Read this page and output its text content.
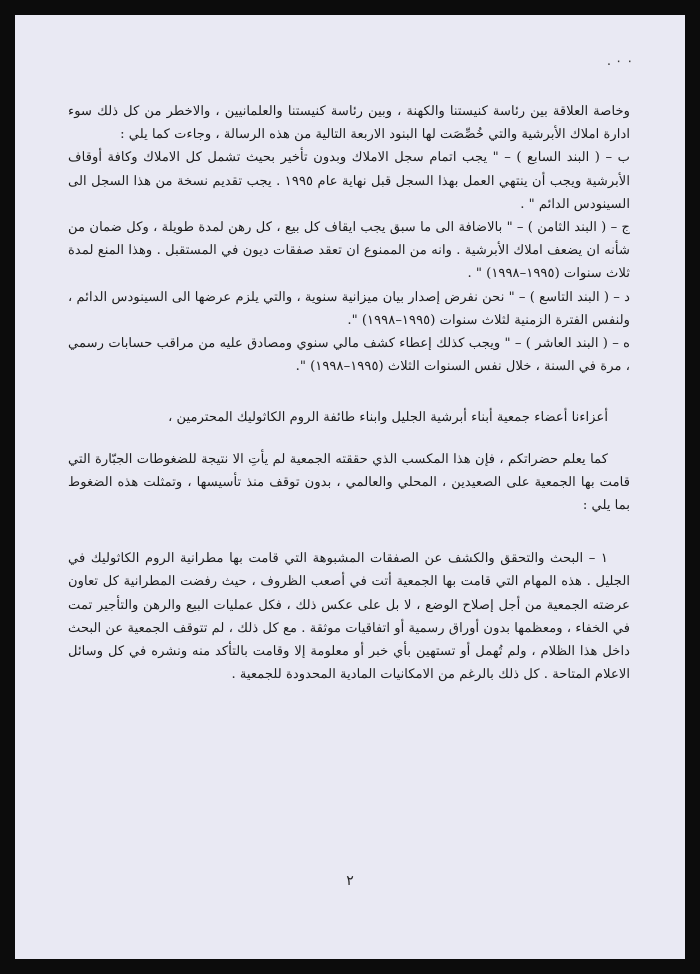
. ٠ ٠

وخاصة العلاقة بين رئاسة كنيستنا والكهنة ، وبين رئاسة كنيستنا والعلمانيين ، والاخطر من كل ذلك سوء ادارة املاك الأبرشية والتي خُصِّصَت لها البنود الاربعة التالية من هذه الرسالة ، وجاءت كما يلي :

ب – ( البند السابع ) – " يجب اتمام سجل الاملاك وبدون تأخير بحيث تشمل كل الاملاك وكافة أوقاف الأبرشية ويجب أن ينتهي العمل بهذا السجل قبل نهاية عام ١٩٩٥ . يجب تقديم نسخة من هذا السجل الى السينودس الدائم " .

ج – ( البند الثامن ) – " بالاضافة الى ما سبق يجب ايقاف كل بيع ، كل رهن لمدة طويلة ، وكل ضمان من شأنه ان يضعف املاك الأبرشية . وانه من الممنوع ان تعقد صفقات ديون في المستقبل . وهذا المنع لمدة ثلاث سنوات (١٩٩٥–١٩٩٨) " .

د – ( البند التاسع ) – " نحن نفرض إصدار بيان ميزانية سنوية ، والتي يلزم عرضها الى السينودس الدائم ، ولنفس الفترة الزمنية لثلاث سنوات (١٩٩٥–١٩٩٨) ".

ه – ( البند العاشر ) – " ويجب كذلك إعطاء كشف مالي سنوي ومصادق عليه من مراقب حسابات رسمي ، مرة في السنة ، خلال نفس السنوات الثلاث (١٩٩٥–١٩٩٨) ".

أعزاءنا أعضاء جمعية أبناء أبرشية الجليل وابناء طائفة الروم الكاثوليك المحترمين ،

كما يعلم حضراتكم ، فإن هذا المكسب الذي حققته الجمعية لم يأتِ الا نتيجة للضغوطات الجبّارة التي قامت بها الجمعية على الصعيدين ، المحلي والعالمي ، بدون توقف منذ تأسيسها ، وتمثلت هذه الضغوط بما يلي :

١ – البحث والتحقق والكشف عن الصفقات المشبوهة التي قامت بها مطرانية الروم الكاثوليك في الجليل . هذه المهام التي قامت بها الجمعية أتت في أصعب الظروف ، حيث رفضت المطرانية كل تعاون عرضته الجمعية من أجل إصلاح الوضع ، لا بل على عكس ذلك ، فكل عمليات البيع والرهن والتأجير تمت في الخفاء ، ومعظمها بدون أوراق رسمية أو اتفاقيات موثقة . مع كل ذلك ، لم تتوقف الجمعية عن البحث داخل هذا الظلام ، ولم تُهمل أو تستهين بأي خبر أو معلومة إلا وقامت بالتأكد منه ونشره في كل وسائل الاعلام المتاحة . كل ذلك بالرغم من الامكانيات المادية المحدودة للجمعية .

٢
